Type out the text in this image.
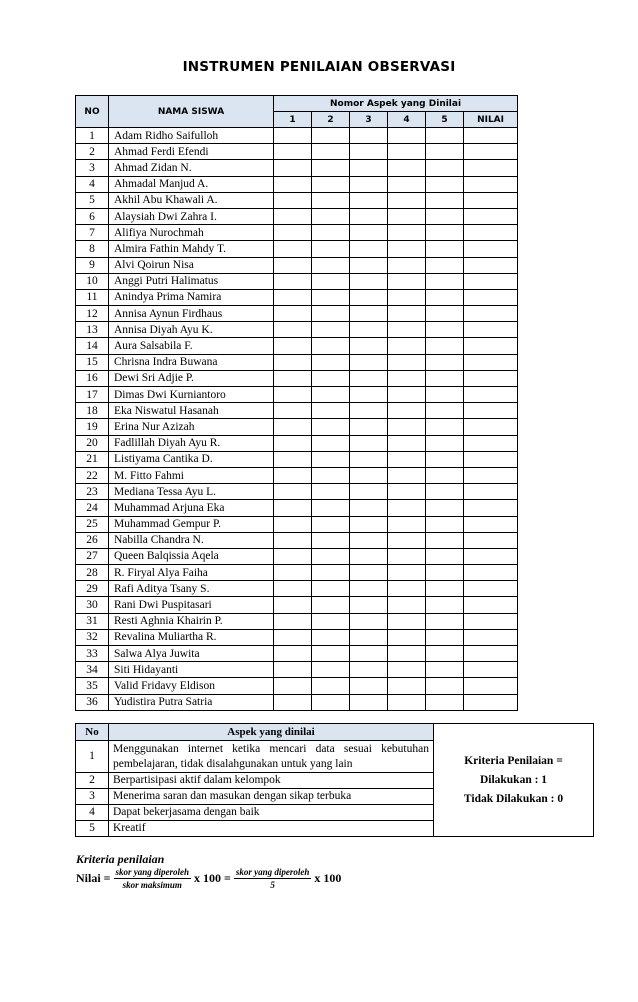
INSTRUMEN PENILAIAN OBSERVASI
NO	NAMA SISWA	Nomor Aspek yang Dinilai					
		1	2	3	4	5	NILAI
1	Adam Ridho Saifulloh						
2	Ahmad Ferdi Efendi						
3	Ahmad Zidan N.						
4	Ahmadal Manjud A.						
5	Akhil Abu Khawali A.						
6	Alaysiah Dwi Zahra I.						
7	Alifiya Nurochmah						
8	Almira Fathin Mahdy T.						
9	Alvi Qoirun Nisa						
10	Anggi Putri Halimatus						
11	Anindya Prima Namira						
12	Annisa Aynun Firdhaus						
13	Annisa Diyah Ayu K.						
14	Aura Salsabila F.						
15	Chrisna Indra Buwana						
16	Dewi Sri Adjie P.						
17	Dimas Dwi Kurniantoro						
18	Eka Niswatul Hasanah						
19	Erina Nur Azizah						
20	Fadlillah Diyah Ayu R.						
21	Listiyama Cantika D.						
22	M. Fitto Fahmi						
23	Mediana Tessa Ayu L.						
24	Muhammad Arjuna Eka						
25	Muhammad Gempur P.						
26	Nabilla Chandra N.						
27	Queen Balqissia Aqela						
28	R. Firyal Alya Faiha						
29	Rafi Aditya Tsany S.						
30	Rani Dwi Puspitasari						
31	Resti Aghnia Khairin P.						
32	Revalina Muliartha R.						
33	Salwa Alya Juwita						
34	Siti Hidayanti						
35	Valid Fridavy Eldison						
36	Yudistira Putra Satria						
No	Aspek yang dinilai	Kriteria Penilaian =
Dilakukan : 1
Tidak Dilakukan : 0

1	Menggunakan internet ketika mencari data sesuai kebutuhan pembelajaran, tidak disalahgunakan untuk yang lain	
2	Berpartisipasi aktif dalam kelompok	
3	Menerima saran dan masukan dengan sikap terbuka	
4	Dapat bekerjasama dengan baik	
5	Kreatif	
Kriteria penilaian
Nilai = $\frac{\text{skor yang diperoleh}}{\text{skor maksimum}}$ x $100 = \frac{\text{skor yang diperoleh}}{5}$ x 100
